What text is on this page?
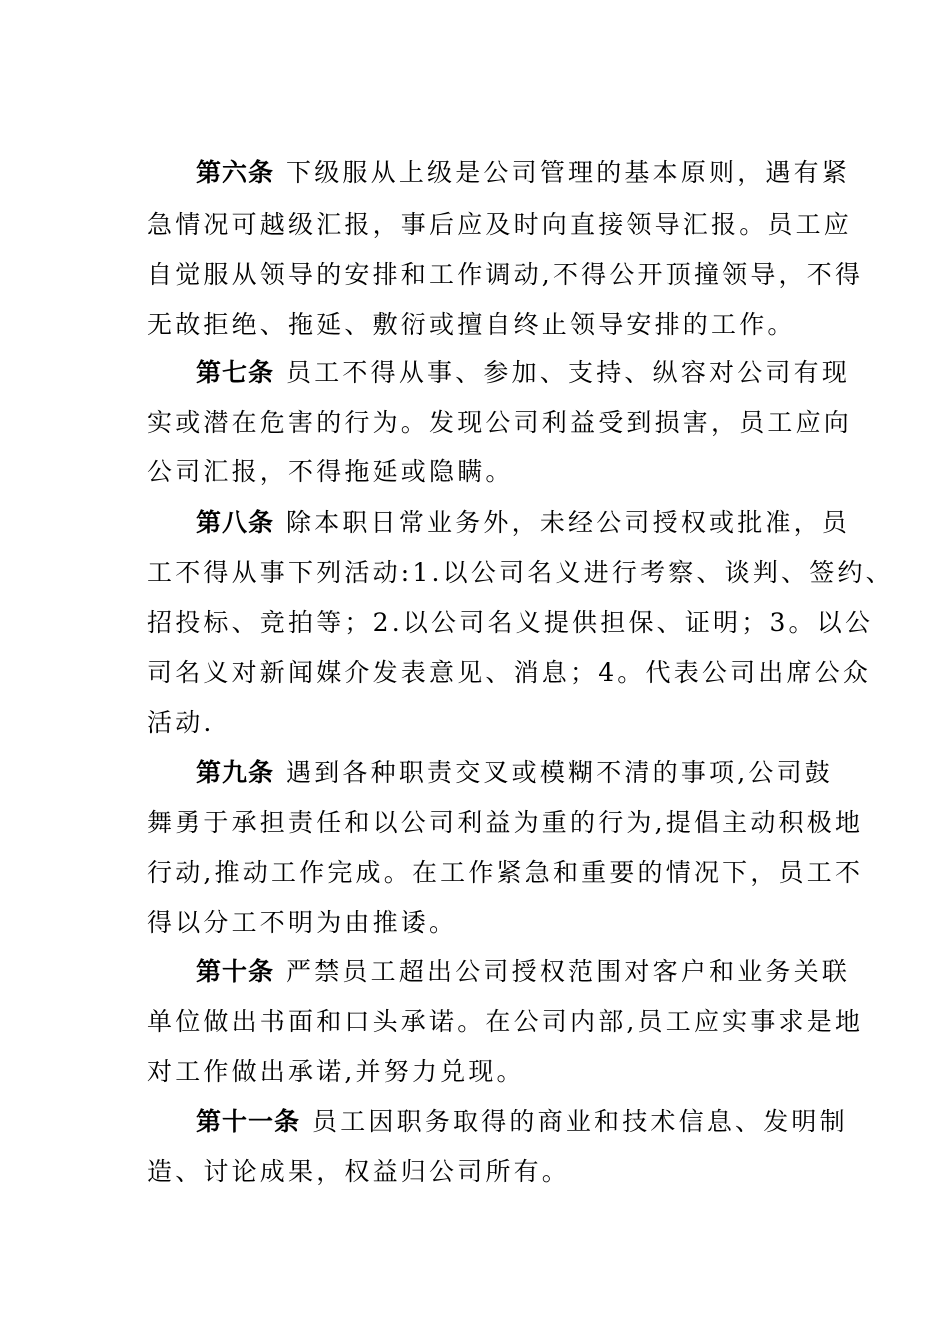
第六条 下级服从上级是公司管理的基本原则，遇有紧
急情况可越级汇报，事后应及时向直接领导汇报。员工应
自觉服从领导的安排和工作调动,不得公开顶撞领导，不得
无故拒绝、拖延、敷衍或擅自终止领导安排的工作。
第七条 员工不得从事、参加、支持、纵容对公司有现
实或潜在危害的行为。发现公司利益受到损害，员工应向
公司汇报，不得拖延或隐瞒。
第八条 除本职日常业务外，未经公司授权或批准，员
工不得从事下列活动:1.以公司名义进行考察、谈判、签约、
招投标、竞拍等；2.以公司名义提供担保、证明；3。以公
司名义对新闻媒介发表意见、消息；4。代表公司出席公众
活动.
第九条 遇到各种职责交叉或模糊不清的事项,公司鼓
舞勇于承担责任和以公司利益为重的行为,提倡主动积极地
行动,推动工作完成。在工作紧急和重要的情况下，员工不
得以分工不明为由推诿。
第十条 严禁员工超出公司授权范围对客户和业务关联
单位做出书面和口头承诺。在公司内部,员工应实事求是地
对工作做出承诺,并努力兑现。
第十一条 员工因职务取得的商业和技术信息、发明制
造、讨论成果，权益归公司所有。
